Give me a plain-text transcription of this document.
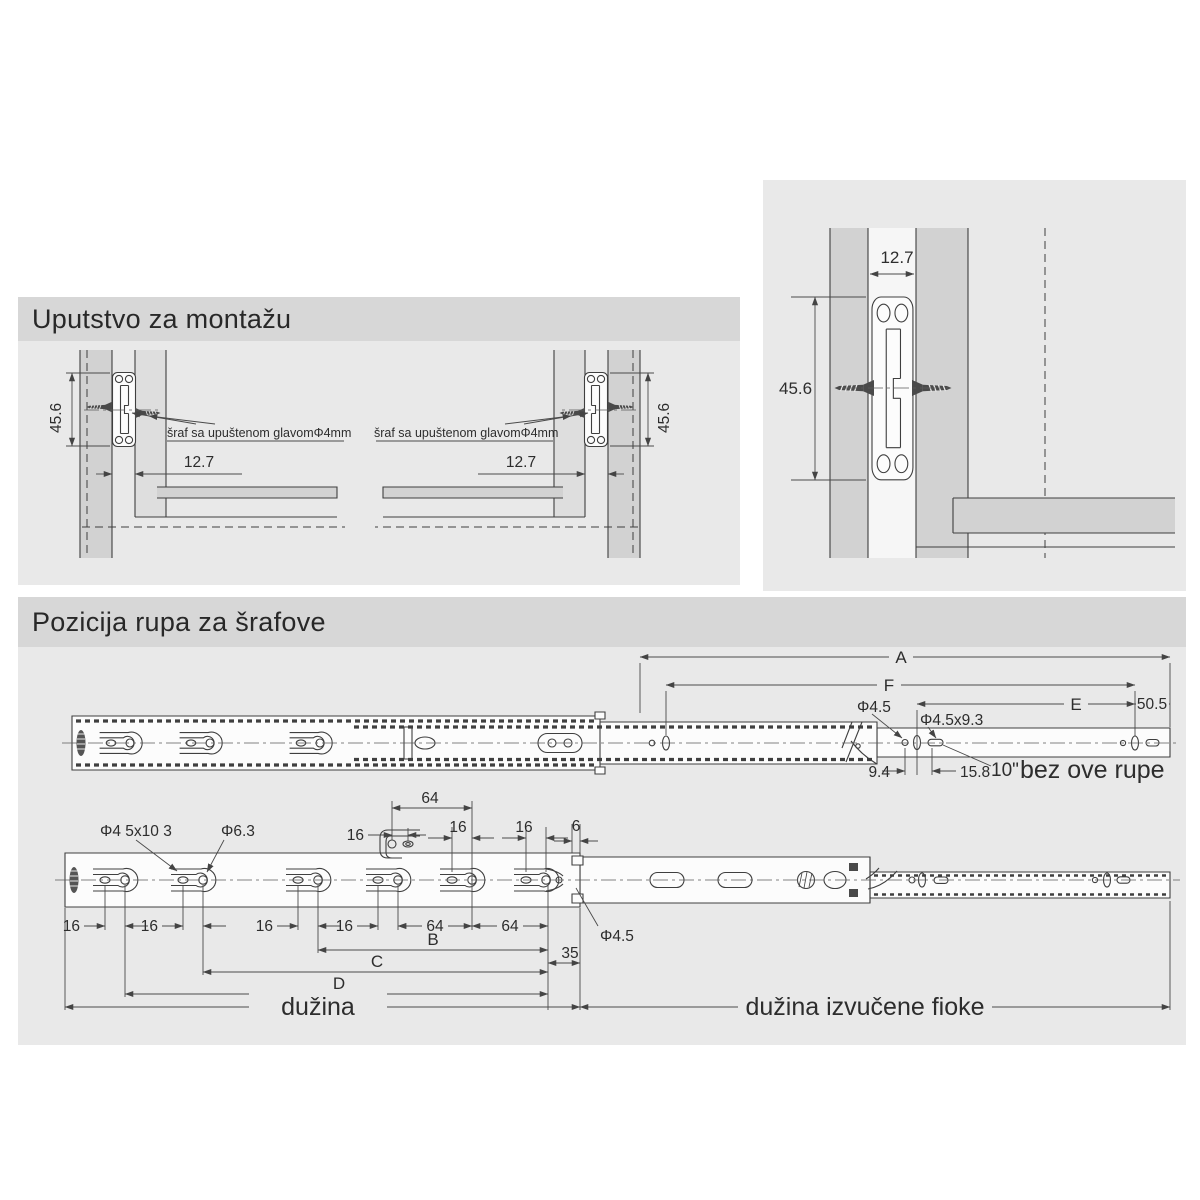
Uputstvo za montažu
Pozicija rupa za šrafove
45.6
12.7
šraf sa upuštenom glavomΦ4mm	45.6
12.7
šraf sa upuštenom glavomΦ4mm
12.7
45.6
A
F
E	50.5
Φ4.5
Φ4.5x9.3
9.4	15.8 10" bez ove rupe
Φ4 5x10 3	Φ6.3	16
64
16	16	6
16	16	16	16	64	64
B
C
D
35
Φ4.5
dužina	dužina izvučene fioke
